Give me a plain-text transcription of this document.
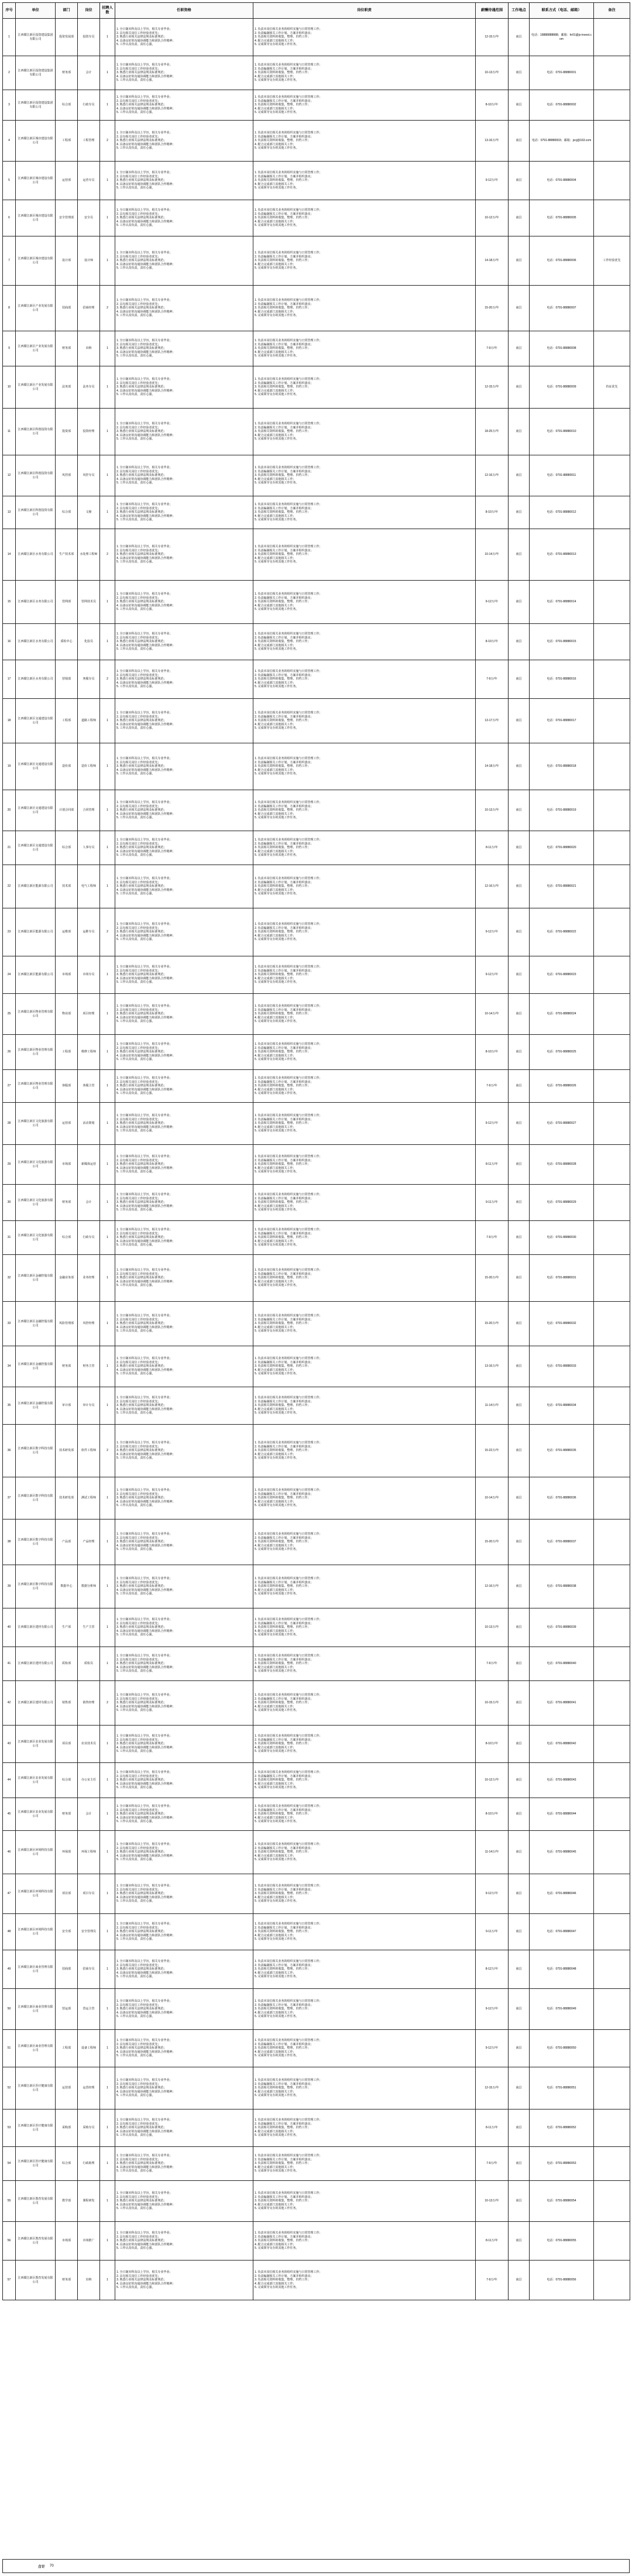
序号	单位	部门	岗位	招聘人数	任职资格	岗位职责	薪酬待遇范围	工作地点	联系方式（电话、邮箱）	备注
1	江西赣江新区投资建设集团有限公司	投资发展部	投资专员	1	1. 全日制本科及以上学历，相关专业毕业；
2. 具有相关岗位工作经验者优先；
3. 熟悉行业相关法律法规及标准规范；
4. 具备良好的沟通协调能力和团队合作精神；
5. 工作认真负责，责任心强。	1. 负责本岗位相关业务的组织实施与日常管理工作；
2. 负责编制相关工作计划、方案并组织落实；
3. 负责相关资料的收集、整理、归档工作；
4. 配合完成部门其他相关工作；
5. 完成领导交办的其他工作任务。	12-15万/年	南昌	电话：18888888888；邮箱：hr01@jx-invest.com	
2	江西赣江新区投资建设集团有限公司	财务部	会计	1	1. 全日制本科及以上学历，相关专业毕业；
2. 具有相关岗位工作经验者优先；
3. 熟悉行业相关法律法规及标准规范；
4. 具备良好的沟通协调能力和团队合作精神；
5. 工作认真负责，责任心强。	1. 负责本岗位相关业务的组织实施与日常管理工作；
2. 负责编制相关工作计划、方案并组织落实；
3. 负责相关资料的收集、整理、归档工作；
4. 配合完成部门其他相关工作；
5. 完成领导交办的其他工作任务。	10-13万/年	南昌	电话：0791-88880001	
3	江西赣江新区投资建设集团有限公司	综合部	行政专员	1	1. 全日制本科及以上学历，相关专业毕业；
2. 具有相关岗位工作经验者优先；
3. 熟悉行业相关法律法规及标准规范；
4. 具备良好的沟通协调能力和团队合作精神；
5. 工作认真负责，责任心强。	1. 负责本岗位相关业务的组织实施与日常管理工作；
2. 负责编制相关工作计划、方案并组织落实；
3. 负责相关资料的收集、整理、归档工作；
4. 配合完成部门其他相关工作；
5. 完成领导交办的其他工作任务。	8-10万/年	南昌	电话：0791-88880002	
4	江西赣江新区城市建设有限公司	工程部	工程管理	2	1. 全日制本科及以上学历，相关专业毕业；
2. 具有相关岗位工作经验者优先；
3. 熟悉行业相关法律法规及标准规范；
4. 具备良好的沟通协调能力和团队合作精神；
5. 工作认真负责，责任心强。	1. 负责本岗位相关业务的组织实施与日常管理工作；
2. 负责编制相关工作计划、方案并组织落实；
3. 负责相关资料的收集、整理、归档工作；
4. 配合完成部门其他相关工作；
5. 完成领导交办的其他工作任务。	13-16万/年	南昌	电话：0791-88880003；邮箱：jxcj@163.com	
5	江西赣江新区城市建设有限公司	运营部	运营专员	1	1. 全日制本科及以上学历，相关专业毕业；
2. 具有相关岗位工作经验者优先；
3. 熟悉行业相关法律法规及标准规范；
4. 具备良好的沟通协调能力和团队合作精神；
5. 工作认真负责，责任心强。	1. 负责本岗位相关业务的组织实施与日常管理工作；
2. 负责编制相关工作计划、方案并组织落实；
3. 负责相关资料的收集、整理、归档工作；
4. 配合完成部门其他相关工作；
5. 完成领导交办的其他工作任务。	9-12万/年	南昌	电话：0791-88880004	
6	江西赣江新区城市建设有限公司	安全管理部	安全员	1	1. 全日制本科及以上学历，相关专业毕业；
2. 具有相关岗位工作经验者优先；
3. 熟悉行业相关法律法规及标准规范；
4. 具备良好的沟通协调能力和团队合作精神；
5. 工作认真负责，责任心强。	1. 负责本岗位相关业务的组织实施与日常管理工作；
2. 负责编制相关工作计划、方案并组织落实；
3. 负责相关资料的收集、整理、归档工作；
4. 配合完成部门其他相关工作；
5. 完成领导交办的其他工作任务。	10-12万/年	南昌	电话：0791-88880005	
7	江西赣江新区城市建设有限公司	设计部	设计师	1	1. 全日制本科及以上学历，相关专业毕业；
2. 具有相关岗位工作经验者优先；
3. 熟悉行业相关法律法规及标准规范；
4. 具备良好的沟通协调能力和团队合作精神；
5. 工作认真负责，责任心强。	1. 负责本岗位相关业务的组织实施与日常管理工作；
2. 负责编制相关工作计划、方案并组织落实；
3. 负责相关资料的收集、整理、归档工作；
4. 配合完成部门其他相关工作；
5. 完成领导交办的其他工作任务。	14-18万/年	南昌	电话：0791-88880006	工作经验优先
8	江西赣江新区产业发展有限公司	招商部	招商经理	2	1. 全日制本科及以上学历，相关专业毕业；
2. 具有相关岗位工作经验者优先；
3. 熟悉行业相关法律法规及标准规范；
4. 具备良好的沟通协调能力和团队合作精神；
5. 工作认真负责，责任心强。	1. 负责本岗位相关业务的组织实施与日常管理工作；
2. 负责编制相关工作计划、方案并组织落实；
3. 负责相关资料的收集、整理、归档工作；
4. 配合完成部门其他相关工作；
5. 完成领导交办的其他工作任务。	15-20万/年	南昌	电话：0791-88880007	
9	江西赣江新区产业发展有限公司	财务部	出纳	1	1. 全日制本科及以上学历，相关专业毕业；
2. 具有相关岗位工作经验者优先；
3. 熟悉行业相关法律法规及标准规范；
4. 具备良好的沟通协调能力和团队合作精神；
5. 工作认真负责，责任心强。	1. 负责本岗位相关业务的组织实施与日常管理工作；
2. 负责编制相关工作计划、方案并组织落实；
3. 负责相关资料的收集、整理、归档工作；
4. 配合完成部门其他相关工作；
5. 完成领导交办的其他工作任务。	7-9万/年	南昌	电话：0791-88880008	
10	江西赣江新区产业发展有限公司	法务部	法务专员	1	1. 全日制本科及以上学历，相关专业毕业；
2. 具有相关岗位工作经验者优先；
3. 熟悉行业相关法律法规及标准规范；
4. 具备良好的沟通协调能力和团队合作精神；
5. 工作认真负责，责任心强。	1. 负责本岗位相关业务的组织实施与日常管理工作；
2. 负责编制相关工作计划、方案并组织落实；
3. 负责相关资料的收集、整理、归档工作；
4. 配合完成部门其他相关工作；
5. 完成领导交办的其他工作任务。	12-15万/年	南昌	电话：0791-88880009	持证优先
11	江西赣江新区科创投资有限公司	投资部	投资经理	1	1. 全日制本科及以上学历，相关专业毕业；
2. 具有相关岗位工作经验者优先；
3. 熟悉行业相关法律法规及标准规范；
4. 具备良好的沟通协调能力和团队合作精神；
5. 工作认真负责，责任心强。	1. 负责本岗位相关业务的组织实施与日常管理工作；
2. 负责编制相关工作计划、方案并组织落实；
3. 负责相关资料的收集、整理、归档工作；
4. 配合完成部门其他相关工作；
5. 完成领导交办的其他工作任务。	18-25万/年	南昌	电话：0791-88880010	
12	江西赣江新区科创投资有限公司	风控部	风控专员	1	1. 全日制本科及以上学历，相关专业毕业；
2. 具有相关岗位工作经验者优先；
3. 熟悉行业相关法律法规及标准规范；
4. 具备良好的沟通协调能力和团队合作精神；
5. 工作认真负责，责任心强。	1. 负责本岗位相关业务的组织实施与日常管理工作；
2. 负责编制相关工作计划、方案并组织落实；
3. 负责相关资料的收集、整理、归档工作；
4. 配合完成部门其他相关工作；
5. 完成领导交办的其他工作任务。	12-16万/年	南昌	电话：0791-88880011	
13	江西赣江新区科创投资有限公司	综合部	文秘	1	1. 全日制本科及以上学历，相关专业毕业；
2. 具有相关岗位工作经验者优先；
3. 熟悉行业相关法律法规及标准规范；
4. 具备良好的沟通协调能力和团队合作精神；
5. 工作认真负责，责任心强。	1. 负责本岗位相关业务的组织实施与日常管理工作；
2. 负责编制相关工作计划、方案并组织落实；
3. 负责相关资料的收集、整理、归档工作；
4. 配合完成部门其他相关工作；
5. 完成领导交办的其他工作任务。	8-10万/年	南昌	电话：0791-88880012	
14	江西赣江新区水务有限公司	生产技术部	水处理工程师	2	1. 全日制本科及以上学历，相关专业毕业；
2. 具有相关岗位工作经验者优先；
3. 熟悉行业相关法律法规及标准规范；
4. 具备良好的沟通协调能力和团队合作精神；
5. 工作认真负责，责任心强。	1. 负责本岗位相关业务的组织实施与日常管理工作；
2. 负责编制相关工作计划、方案并组织落实；
3. 负责相关资料的收集、整理、归档工作；
4. 配合完成部门其他相关工作；
5. 完成领导交办的其他工作任务。	10-14万/年	南昌	电话：0791-88880013	
15	江西赣江新区水务有限公司	管网部	管网技术员	1	1. 全日制本科及以上学历，相关专业毕业；
2. 具有相关岗位工作经验者优先；
3. 熟悉行业相关法律法规及标准规范；
4. 具备良好的沟通协调能力和团队合作精神；
5. 工作认真负责，责任心强。	1. 负责本岗位相关业务的组织实施与日常管理工作；
2. 负责编制相关工作计划、方案并组织落实；
3. 负责相关资料的收集、整理、归档工作；
4. 配合完成部门其他相关工作；
5. 完成领导交办的其他工作任务。	9-12万/年	南昌	电话：0791-88880014	
16	江西赣江新区水务有限公司	质检中心	化验员	1	1. 全日制本科及以上学历，相关专业毕业；
2. 具有相关岗位工作经验者优先；
3. 熟悉行业相关法律法规及标准规范；
4. 具备良好的沟通协调能力和团队合作精神；
5. 工作认真负责，责任心强。	1. 负责本岗位相关业务的组织实施与日常管理工作；
2. 负责编制相关工作计划、方案并组织落实；
3. 负责相关资料的收集、整理、归档工作；
4. 配合完成部门其他相关工作；
5. 完成领导交办的其他工作任务。	8-10万/年	南昌	电话：0791-88880015	
17	江西赣江新区水务有限公司	营销部	客服专员	2	1. 全日制本科及以上学历，相关专业毕业；
2. 具有相关岗位工作经验者优先；
3. 熟悉行业相关法律法规及标准规范；
4. 具备良好的沟通协调能力和团队合作精神；
5. 工作认真负责，责任心强。	1. 负责本岗位相关业务的组织实施与日常管理工作；
2. 负责编制相关工作计划、方案并组织落实；
3. 负责相关资料的收集、整理、归档工作；
4. 配合完成部门其他相关工作；
5. 完成领导交办的其他工作任务。	7-9万/年	南昌	电话：0791-88880016	
18	江西赣江新区交通建设有限公司	工程部	道路工程师	1	1. 全日制本科及以上学历，相关专业毕业；
2. 具有相关岗位工作经验者优先；
3. 熟悉行业相关法律法规及标准规范；
4. 具备良好的沟通协调能力和团队合作精神；
5. 工作认真负责，责任心强。	1. 负责本岗位相关业务的组织实施与日常管理工作；
2. 负责编制相关工作计划、方案并组织落实；
3. 负责相关资料的收集、整理、归档工作；
4. 配合完成部门其他相关工作；
5. 完成领导交办的其他工作任务。	13-17万/年	南昌	电话：0791-88880017	
19	江西赣江新区交通建设有限公司	造价部	造价工程师	1	1. 全日制本科及以上学历，相关专业毕业；
2. 具有相关岗位工作经验者优先；
3. 熟悉行业相关法律法规及标准规范；
4. 具备良好的沟通协调能力和团队合作精神；
5. 工作认真负责，责任心强。	1. 负责本岗位相关业务的组织实施与日常管理工作；
2. 负责编制相关工作计划、方案并组织落实；
3. 负责相关资料的收集、整理、归档工作；
4. 配合完成部门其他相关工作；
5. 完成领导交办的其他工作任务。	14-18万/年	南昌	电话：0791-88880018	
20	江西赣江新区交通建设有限公司	计划合同部	合同管理	1	1. 全日制本科及以上学历，相关专业毕业；
2. 具有相关岗位工作经验者优先；
3. 熟悉行业相关法律法规及标准规范；
4. 具备良好的沟通协调能力和团队合作精神；
5. 工作认真负责，责任心强。	1. 负责本岗位相关业务的组织实施与日常管理工作；
2. 负责编制相关工作计划、方案并组织落实；
3. 负责相关资料的收集、整理、归档工作；
4. 配合完成部门其他相关工作；
5. 完成领导交办的其他工作任务。	10-13万/年	南昌	电话：0791-88880019	
21	江西赣江新区交通建设有限公司	综合部	人事专员	1	1. 全日制本科及以上学历，相关专业毕业；
2. 具有相关岗位工作经验者优先；
3. 熟悉行业相关法律法规及标准规范；
4. 具备良好的沟通协调能力和团队合作精神；
5. 工作认真负责，责任心强。	1. 负责本岗位相关业务的组织实施与日常管理工作；
2. 负责编制相关工作计划、方案并组织落实；
3. 负责相关资料的收集、整理、归档工作；
4. 配合完成部门其他相关工作；
5. 完成领导交办的其他工作任务。	8-11万/年	南昌	电话：0791-88880020	
22	江西赣江新区能源有限公司	技术部	电气工程师	1	1. 全日制本科及以上学历，相关专业毕业；
2. 具有相关岗位工作经验者优先；
3. 熟悉行业相关法律法规及标准规范；
4. 具备良好的沟通协调能力和团队合作精神；
5. 工作认真负责，责任心强。	1. 负责本岗位相关业务的组织实施与日常管理工作；
2. 负责编制相关工作计划、方案并组织落实；
3. 负责相关资料的收集、整理、归档工作；
4. 配合完成部门其他相关工作；
5. 完成领导交办的其他工作任务。	12-16万/年	南昌	电话：0791-88880021	
23	江西赣江新区能源有限公司	运维部	运维专员	2	1. 全日制本科及以上学历，相关专业毕业；
2. 具有相关岗位工作经验者优先；
3. 熟悉行业相关法律法规及标准规范；
4. 具备良好的沟通协调能力和团队合作精神；
5. 工作认真负责，责任心强。	1. 负责本岗位相关业务的组织实施与日常管理工作；
2. 负责编制相关工作计划、方案并组织落实；
3. 负责相关资料的收集、整理、归档工作；
4. 配合完成部门其他相关工作；
5. 完成领导交办的其他工作任务。	9-12万/年	南昌	电话：0791-88880022	
24	江西赣江新区能源有限公司	市场部	市场专员	1	1. 全日制本科及以上学历，相关专业毕业；
2. 具有相关岗位工作经验者优先；
3. 熟悉行业相关法律法规及标准规范；
4. 具备良好的沟通协调能力和团队合作精神；
5. 工作认真负责，责任心强。	1. 负责本岗位相关业务的组织实施与日常管理工作；
2. 负责编制相关工作计划、方案并组织落实；
3. 负责相关资料的收集、整理、归档工作；
4. 配合完成部门其他相关工作；
5. 完成领导交办的其他工作任务。	9-12万/年	南昌	电话：0791-88880023	
25	江西赣江新区物业管理有限公司	物业部	项目经理	1	1. 全日制本科及以上学历，相关专业毕业；
2. 具有相关岗位工作经验者优先；
3. 熟悉行业相关法律法规及标准规范；
4. 具备良好的沟通协调能力和团队合作精神；
5. 工作认真负责，责任心强。	1. 负责本岗位相关业务的组织实施与日常管理工作；
2. 负责编制相关工作计划、方案并组织落实；
3. 负责相关资料的收集、整理、归档工作；
4. 配合完成部门其他相关工作；
5. 完成领导交办的其他工作任务。	10-14万/年	南昌	电话：0791-88880024	
26	江西赣江新区物业管理有限公司	工程部	维修工程师	1	1. 全日制本科及以上学历，相关专业毕业；
2. 具有相关岗位工作经验者优先；
3. 熟悉行业相关法律法规及标准规范；
4. 具备良好的沟通协调能力和团队合作精神；
5. 工作认真负责，责任心强。	1. 负责本岗位相关业务的组织实施与日常管理工作；
2. 负责编制相关工作计划、方案并组织落实；
3. 负责相关资料的收集、整理、归档工作；
4. 配合完成部门其他相关工作；
5. 完成领导交办的其他工作任务。	8-10万/年	南昌	电话：0791-88880025	
27	江西赣江新区物业管理有限公司	客服部	客服主管	1	1. 全日制本科及以上学历，相关专业毕业；
2. 具有相关岗位工作经验者优先；
3. 熟悉行业相关法律法规及标准规范；
4. 具备良好的沟通协调能力和团队合作精神；
5. 工作认真负责，责任心强。	1. 负责本岗位相关业务的组织实施与日常管理工作；
2. 负责编制相关工作计划、方案并组织落实；
3. 负责相关资料的收集、整理、归档工作；
4. 配合完成部门其他相关工作；
5. 完成领导交办的其他工作任务。	7-9万/年	南昌	电话：0791-88880026	
28	江西赣江新区文化旅游有限公司	运营部	活动策划	1	1. 全日制本科及以上学历，相关专业毕业；
2. 具有相关岗位工作经验者优先；
3. 熟悉行业相关法律法规及标准规范；
4. 具备良好的沟通协调能力和团队合作精神；
5. 工作认真负责，责任心强。	1. 负责本岗位相关业务的组织实施与日常管理工作；
2. 负责编制相关工作计划、方案并组织落实；
3. 负责相关资料的收集、整理、归档工作；
4. 配合完成部门其他相关工作；
5. 完成领导交办的其他工作任务。	9-12万/年	南昌	电话：0791-88880027	
29	江西赣江新区文化旅游有限公司	市场部	新媒体运营	1	1. 全日制本科及以上学历，相关专业毕业；
2. 具有相关岗位工作经验者优先；
3. 熟悉行业相关法律法规及标准规范；
4. 具备良好的沟通协调能力和团队合作精神；
5. 工作认真负责，责任心强。	1. 负责本岗位相关业务的组织实施与日常管理工作；
2. 负责编制相关工作计划、方案并组织落实；
3. 负责相关资料的收集、整理、归档工作；
4. 配合完成部门其他相关工作；
5. 完成领导交办的其他工作任务。	8-11万/年	南昌	电话：0791-88880028	
30	江西赣江新区文化旅游有限公司	财务部	会计	1	1. 全日制本科及以上学历，相关专业毕业；
2. 具有相关岗位工作经验者优先；
3. 熟悉行业相关法律法规及标准规范；
4. 具备良好的沟通协调能力和团队合作精神；
5. 工作认真负责，责任心强。	1. 负责本岗位相关业务的组织实施与日常管理工作；
2. 负责编制相关工作计划、方案并组织落实；
3. 负责相关资料的收集、整理、归档工作；
4. 配合完成部门其他相关工作；
5. 完成领导交办的其他工作任务。	9-11万/年	南昌	电话：0791-88880029	
31	江西赣江新区文化旅游有限公司	综合部	行政专员	1	1. 全日制本科及以上学历，相关专业毕业；
2. 具有相关岗位工作经验者优先；
3. 熟悉行业相关法律法规及标准规范；
4. 具备良好的沟通协调能力和团队合作精神；
5. 工作认真负责，责任心强。	1. 负责本岗位相关业务的组织实施与日常管理工作；
2. 负责编制相关工作计划、方案并组织落实；
3. 负责相关资料的收集、整理、归档工作；
4. 配合完成部门其他相关工作；
5. 完成领导交办的其他工作任务。	7-9万/年	南昌	电话：0791-88880030	
32	江西赣江新区金融控股有限公司	金融业务部	业务经理	1	1. 全日制本科及以上学历，相关专业毕业；
2. 具有相关岗位工作经验者优先；
3. 熟悉行业相关法律法规及标准规范；
4. 具备良好的沟通协调能力和团队合作精神；
5. 工作认真负责，责任心强。	1. 负责本岗位相关业务的组织实施与日常管理工作；
2. 负责编制相关工作计划、方案并组织落实；
3. 负责相关资料的收集、整理、归档工作；
4. 配合完成部门其他相关工作；
5. 完成领导交办的其他工作任务。	15-20万/年	南昌	电话：0791-88880031	
33	江西赣江新区金融控股有限公司	风险管理部	风控经理	1	1. 全日制本科及以上学历，相关专业毕业；
2. 具有相关岗位工作经验者优先；
3. 熟悉行业相关法律法规及标准规范；
4. 具备良好的沟通协调能力和团队合作精神；
5. 工作认真负责，责任心强。	1. 负责本岗位相关业务的组织实施与日常管理工作；
2. 负责编制相关工作计划、方案并组织落实；
3. 负责相关资料的收集、整理、归档工作；
4. 配合完成部门其他相关工作；
5. 完成领导交办的其他工作任务。	15-20万/年	南昌	电话：0791-88880032	
34	江西赣江新区金融控股有限公司	财务部	财务主管	1	1. 全日制本科及以上学历，相关专业毕业；
2. 具有相关岗位工作经验者优先；
3. 熟悉行业相关法律法规及标准规范；
4. 具备良好的沟通协调能力和团队合作精神；
5. 工作认真负责，责任心强。	1. 负责本岗位相关业务的组织实施与日常管理工作；
2. 负责编制相关工作计划、方案并组织落实；
3. 负责相关资料的收集、整理、归档工作；
4. 配合完成部门其他相关工作；
5. 完成领导交办的其他工作任务。	13-16万/年	南昌	电话：0791-88880033	
35	江西赣江新区金融控股有限公司	审计部	审计专员	1	1. 全日制本科及以上学历，相关专业毕业；
2. 具有相关岗位工作经验者优先；
3. 熟悉行业相关法律法规及标准规范；
4. 具备良好的沟通协调能力和团队合作精神；
5. 工作认真负责，责任心强。	1. 负责本岗位相关业务的组织实施与日常管理工作；
2. 负责编制相关工作计划、方案并组织落实；
3. 负责相关资料的收集、整理、归档工作；
4. 配合完成部门其他相关工作；
5. 完成领导交办的其他工作任务。	11-14万/年	南昌	电话：0791-88880034	
36	江西赣江新区数字科技有限公司	技术研发部	软件工程师	2	1. 全日制本科及以上学历，相关专业毕业；
2. 具有相关岗位工作经验者优先；
3. 熟悉行业相关法律法规及标准规范；
4. 具备良好的沟通协调能力和团队合作精神；
5. 工作认真负责，责任心强。	1. 负责本岗位相关业务的组织实施与日常管理工作；
2. 负责编制相关工作计划、方案并组织落实；
3. 负责相关资料的收集、整理、归档工作；
4. 配合完成部门其他相关工作；
5. 完成领导交办的其他工作任务。	15-22万/年	南昌	电话：0791-88880035	
37	江西赣江新区数字科技有限公司	技术研发部	测试工程师	1	1. 全日制本科及以上学历，相关专业毕业；
2. 具有相关岗位工作经验者优先；
3. 熟悉行业相关法律法规及标准规范；
4. 具备良好的沟通协调能力和团队合作精神；
5. 工作认真负责，责任心强。	1. 负责本岗位相关业务的组织实施与日常管理工作；
2. 负责编制相关工作计划、方案并组织落实；
3. 负责相关资料的收集、整理、归档工作；
4. 配合完成部门其他相关工作；
5. 完成领导交办的其他工作任务。	10-14万/年	南昌	电话：0791-88880036	
38	江西赣江新区数字科技有限公司	产品部	产品经理	1	1. 全日制本科及以上学历，相关专业毕业；
2. 具有相关岗位工作经验者优先；
3. 熟悉行业相关法律法规及标准规范；
4. 具备良好的沟通协调能力和团队合作精神；
5. 工作认真负责，责任心强。	1. 负责本岗位相关业务的组织实施与日常管理工作；
2. 负责编制相关工作计划、方案并组织落实；
3. 负责相关资料的收集、整理、归档工作；
4. 配合完成部门其他相关工作；
5. 完成领导交办的其他工作任务。	15-20万/年	南昌	电话：0791-88880037	
39	江西赣江新区数字科技有限公司	数据中心	数据分析师	1	1. 全日制本科及以上学历，相关专业毕业；
2. 具有相关岗位工作经验者优先；
3. 熟悉行业相关法律法规及标准规范；
4. 具备良好的沟通协调能力和团队合作精神；
5. 工作认真负责，责任心强。	1. 负责本岗位相关业务的组织实施与日常管理工作；
2. 负责编制相关工作计划、方案并组织落实；
3. 负责相关资料的收集、整理、归档工作；
4. 配合完成部门其他相关工作；
5. 完成领导交办的其他工作任务。	12-16万/年	南昌	电话：0791-88880038	
40	江西赣江新区建材有限公司	生产部	生产主管	1	1. 全日制本科及以上学历，相关专业毕业；
2. 具有相关岗位工作经验者优先；
3. 熟悉行业相关法律法规及标准规范；
4. 具备良好的沟通协调能力和团队合作精神；
5. 工作认真负责，责任心强。	1. 负责本岗位相关业务的组织实施与日常管理工作；
2. 负责编制相关工作计划、方案并组织落实；
3. 负责相关资料的收集、整理、归档工作；
4. 配合完成部门其他相关工作；
5. 完成领导交办的其他工作任务。	10-13万/年	南昌	电话：0791-88880039	
41	江西赣江新区建材有限公司	质检部	质检员	1	1. 全日制本科及以上学历，相关专业毕业；
2. 具有相关岗位工作经验者优先；
3. 熟悉行业相关法律法规及标准规范；
4. 具备良好的沟通协调能力和团队合作精神；
5. 工作认真负责，责任心强。	1. 负责本岗位相关业务的组织实施与日常管理工作；
2. 负责编制相关工作计划、方案并组织落实；
3. 负责相关资料的收集、整理、归档工作；
4. 配合完成部门其他相关工作；
5. 完成领导交办的其他工作任务。	7-9万/年	南昌	电话：0791-88880040	
42	江西赣江新区建材有限公司	销售部	销售经理	2	1. 全日制本科及以上学历，相关专业毕业；
2. 具有相关岗位工作经验者优先；
3. 熟悉行业相关法律法规及标准规范；
4. 具备良好的沟通协调能力和团队合作精神；
5. 工作认真负责，责任心强。	1. 负责本岗位相关业务的组织实施与日常管理工作；
2. 负责编制相关工作计划、方案并组织落实；
3. 负责相关资料的收集、整理、归档工作；
4. 配合完成部门其他相关工作；
5. 完成领导交办的其他工作任务。	10-15万/年	南昌	电话：0791-88880041	
43	江西赣江新区农业发展有限公司	项目部	农业技术员	1	1. 全日制本科及以上学历，相关专业毕业；
2. 具有相关岗位工作经验者优先；
3. 熟悉行业相关法律法规及标准规范；
4. 具备良好的沟通协调能力和团队合作精神；
5. 工作认真负责，责任心强。	1. 负责本岗位相关业务的组织实施与日常管理工作；
2. 负责编制相关工作计划、方案并组织落实；
3. 负责相关资料的收集、整理、归档工作；
4. 配合完成部门其他相关工作；
5. 完成领导交办的其他工作任务。	8-10万/年	南昌	电话：0791-88880042	
44	江西赣江新区农业发展有限公司	综合部	办公室主任	1	1. 全日制本科及以上学历，相关专业毕业；
2. 具有相关岗位工作经验者优先；
3. 熟悉行业相关法律法规及标准规范；
4. 具备良好的沟通协调能力和团队合作精神；
5. 工作认真负责，责任心强。	1. 负责本岗位相关业务的组织实施与日常管理工作；
2. 负责编制相关工作计划、方案并组织落实；
3. 负责相关资料的收集、整理、归档工作；
4. 配合完成部门其他相关工作；
5. 完成领导交办的其他工作任务。	10-12万/年	南昌	电话：0791-88880043	
45	江西赣江新区农业发展有限公司	财务部	会计	1	1. 全日制本科及以上学历，相关专业毕业；
2. 具有相关岗位工作经验者优先；
3. 熟悉行业相关法律法规及标准规范；
4. 具备良好的沟通协调能力和团队合作精神；
5. 工作认真负责，责任心强。	1. 负责本岗位相关业务的组织实施与日常管理工作；
2. 负责编制相关工作计划、方案并组织落实；
3. 负责相关资料的收集、整理、归档工作；
4. 配合完成部门其他相关工作；
5. 完成领导交办的其他工作任务。	8-10万/年	南昌	电话：0791-88880044	
46	江西赣江新区环境科技有限公司	环保部	环保工程师	1	1. 全日制本科及以上学历，相关专业毕业；
2. 具有相关岗位工作经验者优先；
3. 熟悉行业相关法律法规及标准规范；
4. 具备良好的沟通协调能力和团队合作精神；
5. 工作认真负责，责任心强。	1. 负责本岗位相关业务的组织实施与日常管理工作；
2. 负责编制相关工作计划、方案并组织落实；
3. 负责相关资料的收集、整理、归档工作；
4. 配合完成部门其他相关工作；
5. 完成领导交办的其他工作任务。	11-14万/年	南昌	电话：0791-88880045	
47	江西赣江新区环境科技有限公司	项目部	项目专员	1	1. 全日制本科及以上学历，相关专业毕业；
2. 具有相关岗位工作经验者优先；
3. 熟悉行业相关法律法规及标准规范；
4. 具备良好的沟通协调能力和团队合作精神；
5. 工作认真负责，责任心强。	1. 负责本岗位相关业务的组织实施与日常管理工作；
2. 负责编制相关工作计划、方案并组织落实；
3. 负责相关资料的收集、整理、归档工作；
4. 配合完成部门其他相关工作；
5. 完成领导交办的其他工作任务。	9-12万/年	南昌	电话：0791-88880046	
48	江西赣江新区环境科技有限公司	安全部	安全管理员	1	1. 全日制本科及以上学历，相关专业毕业；
2. 具有相关岗位工作经验者优先；
3. 熟悉行业相关法律法规及标准规范；
4. 具备良好的沟通协调能力和团队合作精神；
5. 工作认真负责，责任心强。	1. 负责本岗位相关业务的组织实施与日常管理工作；
2. 负责编制相关工作计划、方案并组织落实；
3. 负责相关资料的收集、整理、归档工作；
4. 配合完成部门其他相关工作；
5. 完成领导交办的其他工作任务。	9-11万/年	南昌	电话：0791-88880047	
49	江西赣江新区商业管理有限公司	招商部	招商专员	1	1. 全日制本科及以上学历，相关专业毕业；
2. 具有相关岗位工作经验者优先；
3. 熟悉行业相关法律法规及标准规范；
4. 具备良好的沟通协调能力和团队合作精神；
5. 工作认真负责，责任心强。	1. 负责本岗位相关业务的组织实施与日常管理工作；
2. 负责编制相关工作计划、方案并组织落实；
3. 负责相关资料的收集、整理、归档工作；
4. 配合完成部门其他相关工作；
5. 完成领导交办的其他工作任务。	8-12万/年	南昌	电话：0791-88880048	
50	江西赣江新区商业管理有限公司	营运部	营运主管	1	1. 全日制本科及以上学历，相关专业毕业；
2. 具有相关岗位工作经验者优先；
3. 熟悉行业相关法律法规及标准规范；
4. 具备良好的沟通协调能力和团队合作精神；
5. 工作认真负责，责任心强。	1. 负责本岗位相关业务的组织实施与日常管理工作；
2. 负责编制相关工作计划、方案并组织落实；
3. 负责相关资料的收集、整理、归档工作；
4. 配合完成部门其他相关工作；
5. 完成领导交办的其他工作任务。	9-12万/年	南昌	电话：0791-88880049	
51	江西赣江新区商业管理有限公司	工程部	设备工程师	1	1. 全日制本科及以上学历，相关专业毕业；
2. 具有相关岗位工作经验者优先；
3. 熟悉行业相关法律法规及标准规范；
4. 具备良好的沟通协调能力和团队合作精神；
5. 工作认真负责，责任心强。	1. 负责本岗位相关业务的组织实施与日常管理工作；
2. 负责编制相关工作计划、方案并组织落实；
3. 负责相关资料的收集、整理、归档工作；
4. 配合完成部门其他相关工作；
5. 完成领导交办的其他工作任务。	9-12万/年	南昌	电话：0791-88880050	
52	江西赣江新区医疗健康有限公司	运营部	运营经理	1	1. 全日制本科及以上学历，相关专业毕业；
2. 具有相关岗位工作经验者优先；
3. 熟悉行业相关法律法规及标准规范；
4. 具备良好的沟通协调能力和团队合作精神；
5. 工作认真负责，责任心强。	1. 负责本岗位相关业务的组织实施与日常管理工作；
2. 负责编制相关工作计划、方案并组织落实；
3. 负责相关资料的收集、整理、归档工作；
4. 配合完成部门其他相关工作；
5. 完成领导交办的其他工作任务。	12-15万/年	南昌	电话：0791-88880051	
53	江西赣江新区医疗健康有限公司	采购部	采购专员	1	1. 全日制本科及以上学历，相关专业毕业；
2. 具有相关岗位工作经验者优先；
3. 熟悉行业相关法律法规及标准规范；
4. 具备良好的沟通协调能力和团队合作精神；
5. 工作认真负责，责任心强。	1. 负责本岗位相关业务的组织实施与日常管理工作；
2. 负责编制相关工作计划、方案并组织落实；
3. 负责相关资料的收集、整理、归档工作；
4. 配合完成部门其他相关工作；
5. 完成领导交办的其他工作任务。	8-11万/年	南昌	电话：0791-88880052	
54	江西赣江新区医疗健康有限公司	综合部	行政助理	1	1. 全日制本科及以上学历，相关专业毕业；
2. 具有相关岗位工作经验者优先；
3. 熟悉行业相关法律法规及标准规范；
4. 具备良好的沟通协调能力和团队合作精神；
5. 工作认真负责，责任心强。	1. 负责本岗位相关业务的组织实施与日常管理工作；
2. 负责编制相关工作计划、方案并组织落实；
3. 负责相关资料的收集、整理、归档工作；
4. 配合完成部门其他相关工作；
5. 完成领导交办的其他工作任务。	7-9万/年	南昌	电话：0791-88880053	
55	江西赣江新区教育发展有限公司	教学部	课程研发	1	1. 全日制本科及以上学历，相关专业毕业；
2. 具有相关岗位工作经验者优先；
3. 熟悉行业相关法律法规及标准规范；
4. 具备良好的沟通协调能力和团队合作精神；
5. 工作认真负责，责任心强。	1. 负责本岗位相关业务的组织实施与日常管理工作；
2. 负责编制相关工作计划、方案并组织落实；
3. 负责相关资料的收集、整理、归档工作；
4. 配合完成部门其他相关工作；
5. 完成领导交办的其他工作任务。	10-13万/年	南昌	电话：0791-88880054	
56	江西赣江新区教育发展有限公司	市场部	市场推广	1	1. 全日制本科及以上学历，相关专业毕业；
2. 具有相关岗位工作经验者优先；
3. 熟悉行业相关法律法规及标准规范；
4. 具备良好的沟通协调能力和团队合作精神；
5. 工作认真负责，责任心强。	1. 负责本岗位相关业务的组织实施与日常管理工作；
2. 负责编制相关工作计划、方案并组织落实；
3. 负责相关资料的收集、整理、归档工作；
4. 配合完成部门其他相关工作；
5. 完成领导交办的其他工作任务。	8-11万/年	南昌	电话：0791-88880055	
57	江西赣江新区教育发展有限公司	财务部	出纳	1	1. 全日制本科及以上学历，相关专业毕业；
2. 具有相关岗位工作经验者优先；
3. 熟悉行业相关法律法规及标准规范；
4. 具备良好的沟通协调能力和团队合作精神；
5. 工作认真负责，责任心强。	1. 负责本岗位相关业务的组织实施与日常管理工作；
2. 负责编制相关工作计划、方案并组织落实；
3. 负责相关资料的收集、整理、归档工作；
4. 配合完成部门其他相关工作；
5. 完成领导交办的其他工作任务。	7-9万/年	南昌	电话：0791-88880056	
合计 70
